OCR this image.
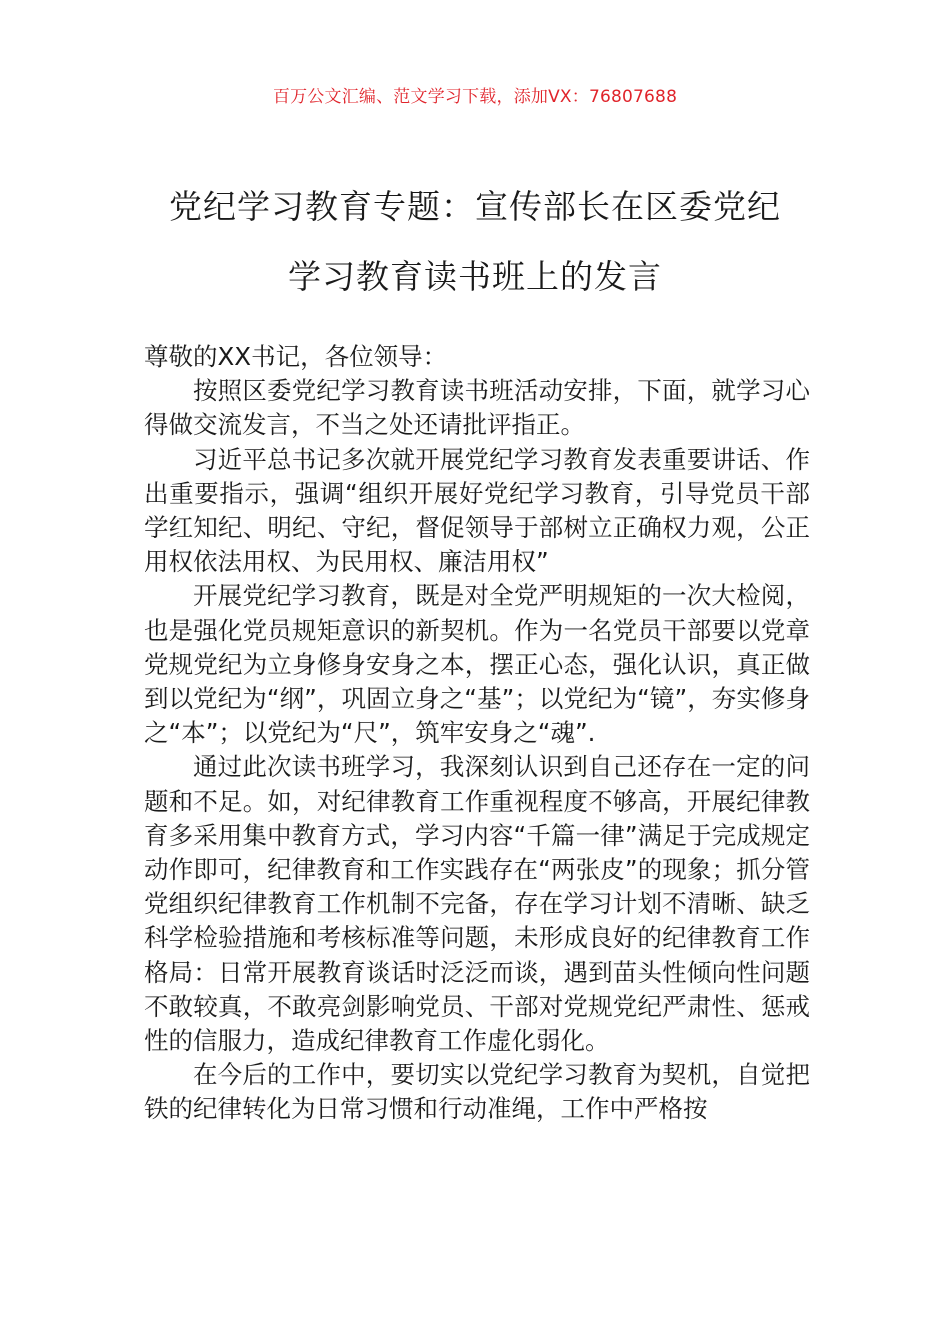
百万公文汇编、范文学习下载，添加VX：76807688
党纪学习教育专题：宣传部长在区委党纪
学习教育读书班上的发言

尊敬的XX书记，各位领导：

按照区委党纪学习教育读书班活动安排，下面，就学习心得做交流发言，不当之处还请批评指正。

习近平总书记多次就开展党纪学习教育发表重要讲话、作出重要指示，强调“组织开展好党纪学习教育，引导党员干部学红知纪、明纪、守纪，督促领导于部树立正确权力观，公正用权依法用权、为民用权、廉洁用权”

开展党纪学习教育，既是对全党严明规矩的一次大检阅，也是强化党员规矩意识的新契机。作为一名党员干部要以党章党规党纪为立身修身安身之本，摆正心态，强化认识，真正做到以党纪为“纲”，巩固立身之“基”；以党纪为“镜”，夯实修身之“本”；以党纪为“尺”，筑牢安身之“魂”.

通过此次读书班学习，我深刻认识到自己还存在一定的问题和不足。如，对纪律教育工作重视程度不够高，开展纪律教育多采用集中教育方式，学习内容“千篇一律”满足于完成规定动作即可，纪律教育和工作实践存在“两张皮”的现象；抓分管党组织纪律教育工作机制不完备，存在学习计划不清晰、缺乏科学检验措施和考核标准等问题，未形成良好的纪律教育工作格局：日常开展教育谈话时泛泛而谈，遇到苗头性倾向性问题不敢较真，不敢亮剑影响党员、干部对党规党纪严肃性、惩戒性的信服力，造成纪律教育工作虚化弱化。

在今后的工作中，要切实以党纪学习教育为契机，自觉把铁的纪律转化为日常习惯和行动准绳，工作中严格按
